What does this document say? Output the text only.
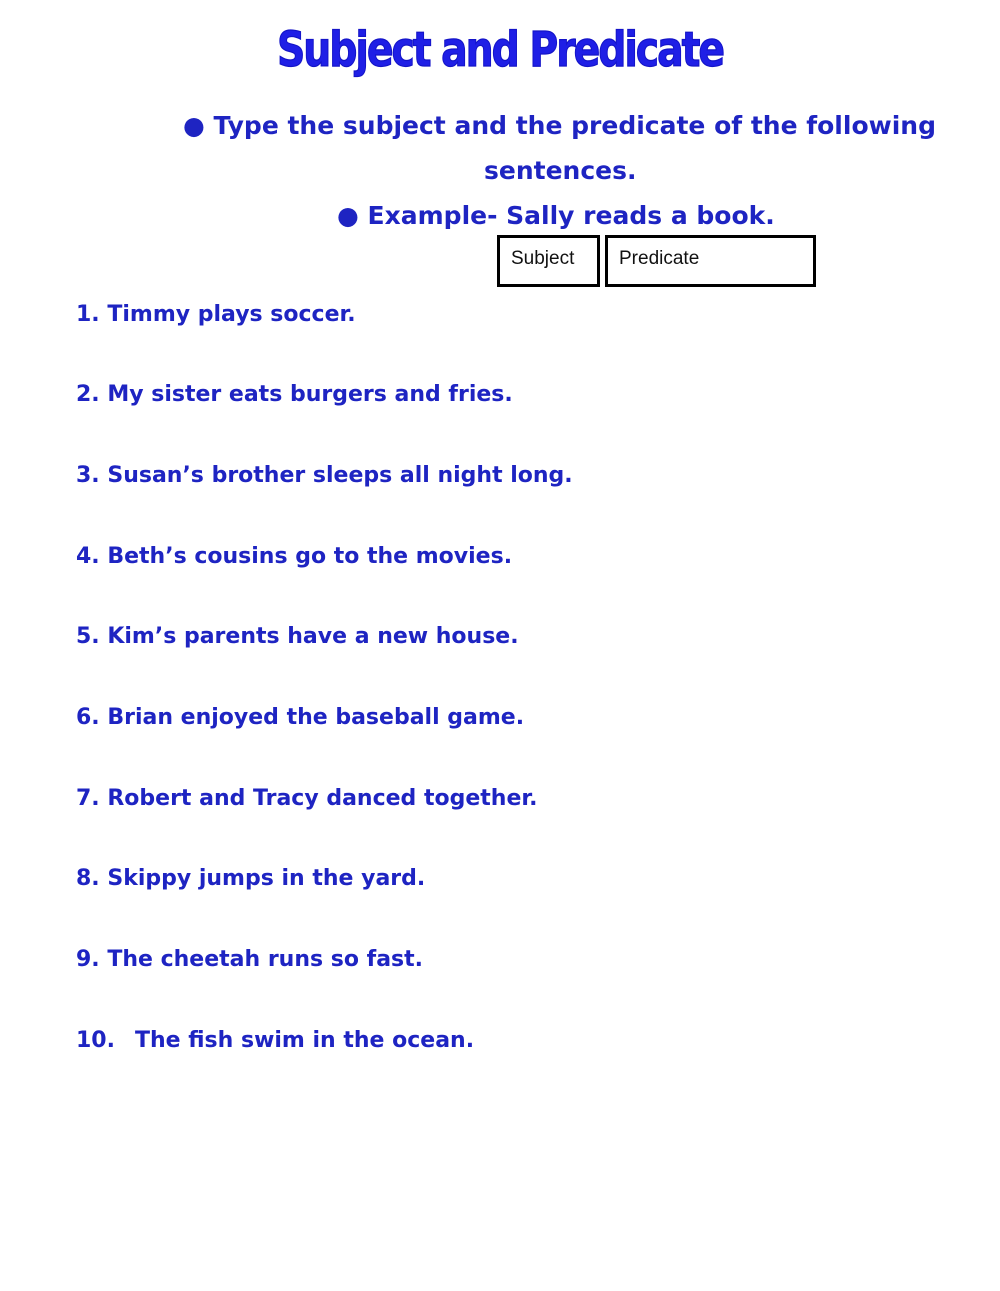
Subject and Predicate
● Type the subject and the predicate of the following
sentences.
● Example- Sally reads a book.
Subject	Predicate
1. Timmy plays soccer.
2. My sister eats burgers and fries.
3. Susan’s brother sleeps all night long.
4. Beth’s cousins go to the movies.
5. Kim’s parents have a new house.
6. Brian enjoyed the baseball game.
7. Robert and Tracy danced together.
8. Skippy jumps in the yard.
9. The cheetah runs so fast.
10. The fish swim in the ocean.
